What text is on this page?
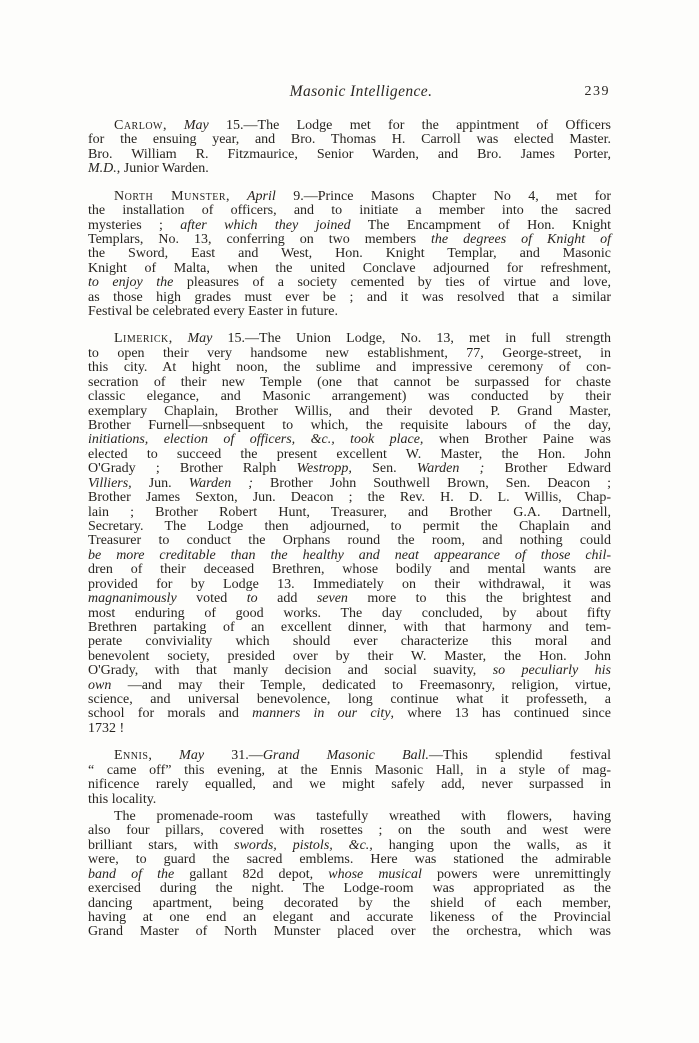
Masonic Intelligence.	239
Carlow, May 15.—The Lodge met for the appintment of Officers
for the ensuing year, and Bro. Thomas H. Carroll was elected Master.
Bro. William R. Fitzmaurice, Senior Warden, and Bro. James Porter,
M.D., Junior Warden.
North Munster, April 9.—Prince Masons Chapter No 4, met for
the installation of officers, and to initiate a member into the sacred
mysteries ; after which they joined The Encampment of Hon. Knight
Templars, No. 13, conferring on two members the degrees of Knight of
the Sword, East and West, Hon. Knight Templar, and Masonic
Knight of Malta, when the united Conclave adjourned for refreshment,
to enjoy the pleasures of a society cemented by ties of virtue and love,
as those high grades must ever be ; and it was resolved that a similar
Festival be celebrated every Easter in future.
Limerick, May 15.—The Union Lodge, No. 13, met in full strength
to open their very handsome new establishment, 77, George-street, in
this city. At hight noon, the sublime and impressive ceremony of con-
secration of their new Temple (one that cannot be surpassed for chaste
classic elegance, and Masonic arrangement) was conducted by their
exemplary Chaplain, Brother Willis, and their devoted P. Grand Master,
Brother Furnell—snbsequent to which, the requisite labours of the day,
initiations, election of officers, &c., took place, when Brother Paine was
elected to succeed the present excellent W. Master, the Hon. John
O'Grady ; Brother Ralph Westropp, Sen. Warden ; Brother Edward
Villiers, Jun. Warden ; Brother John Southwell Brown, Sen. Deacon ;
Brother James Sexton, Jun. Deacon ; the Rev. H. D. L. Willis, Chap-
lain ; Brother Robert Hunt, Treasurer, and Brother G.A. Dartnell,
Secretary. The Lodge then adjourned, to permit the Chaplain and
Treasurer to conduct the Orphans round the room, and nothing could
be more creditable than the healthy and neat appearance of those chil-
dren of their deceased Brethren, whose bodily and mental wants are
provided for by Lodge 13. Immediately on their withdrawal, it was
magnanimously voted to add seven more to this the brightest and
most enduring of good works. The day concluded, by about fifty
Brethren partaking of an excellent dinner, with that harmony and tem-
perate conviviality which should ever characterize this moral and
benevolent society, presided over by their W. Master, the Hon. John
O'Grady, with that manly decision and social suavity, so peculiarly his
own —and may their Temple, dedicated to Freemasonry, religion, virtue,
science, and universal benevolence, long continue what it professeth, a
school for morals and manners in our city, where 13 has continued since
1732 !
Ennis, May 31.—Grand Masonic Ball.—This splendid festival
“ came off” this evening, at the Ennis Masonic Hall, in a style of mag-
nificence rarely equalled, and we might safely add, never surpassed in
this locality.
The promenade-room was tastefully wreathed with flowers, having
also four pillars, covered with rosettes ; on the south and west were
brilliant stars, with swords, pistols, &c., hanging upon the walls, as it
were, to guard the sacred emblems. Here was stationed the admirable
band of the gallant 82d depot, whose musical powers were unremittingly
exercised during the night. The Lodge-room was appropriated as the
dancing apartment, being decorated by the shield of each member,
having at one end an elegant and accurate likeness of the Provincial
Grand Master of North Munster placed over the orchestra, which was
